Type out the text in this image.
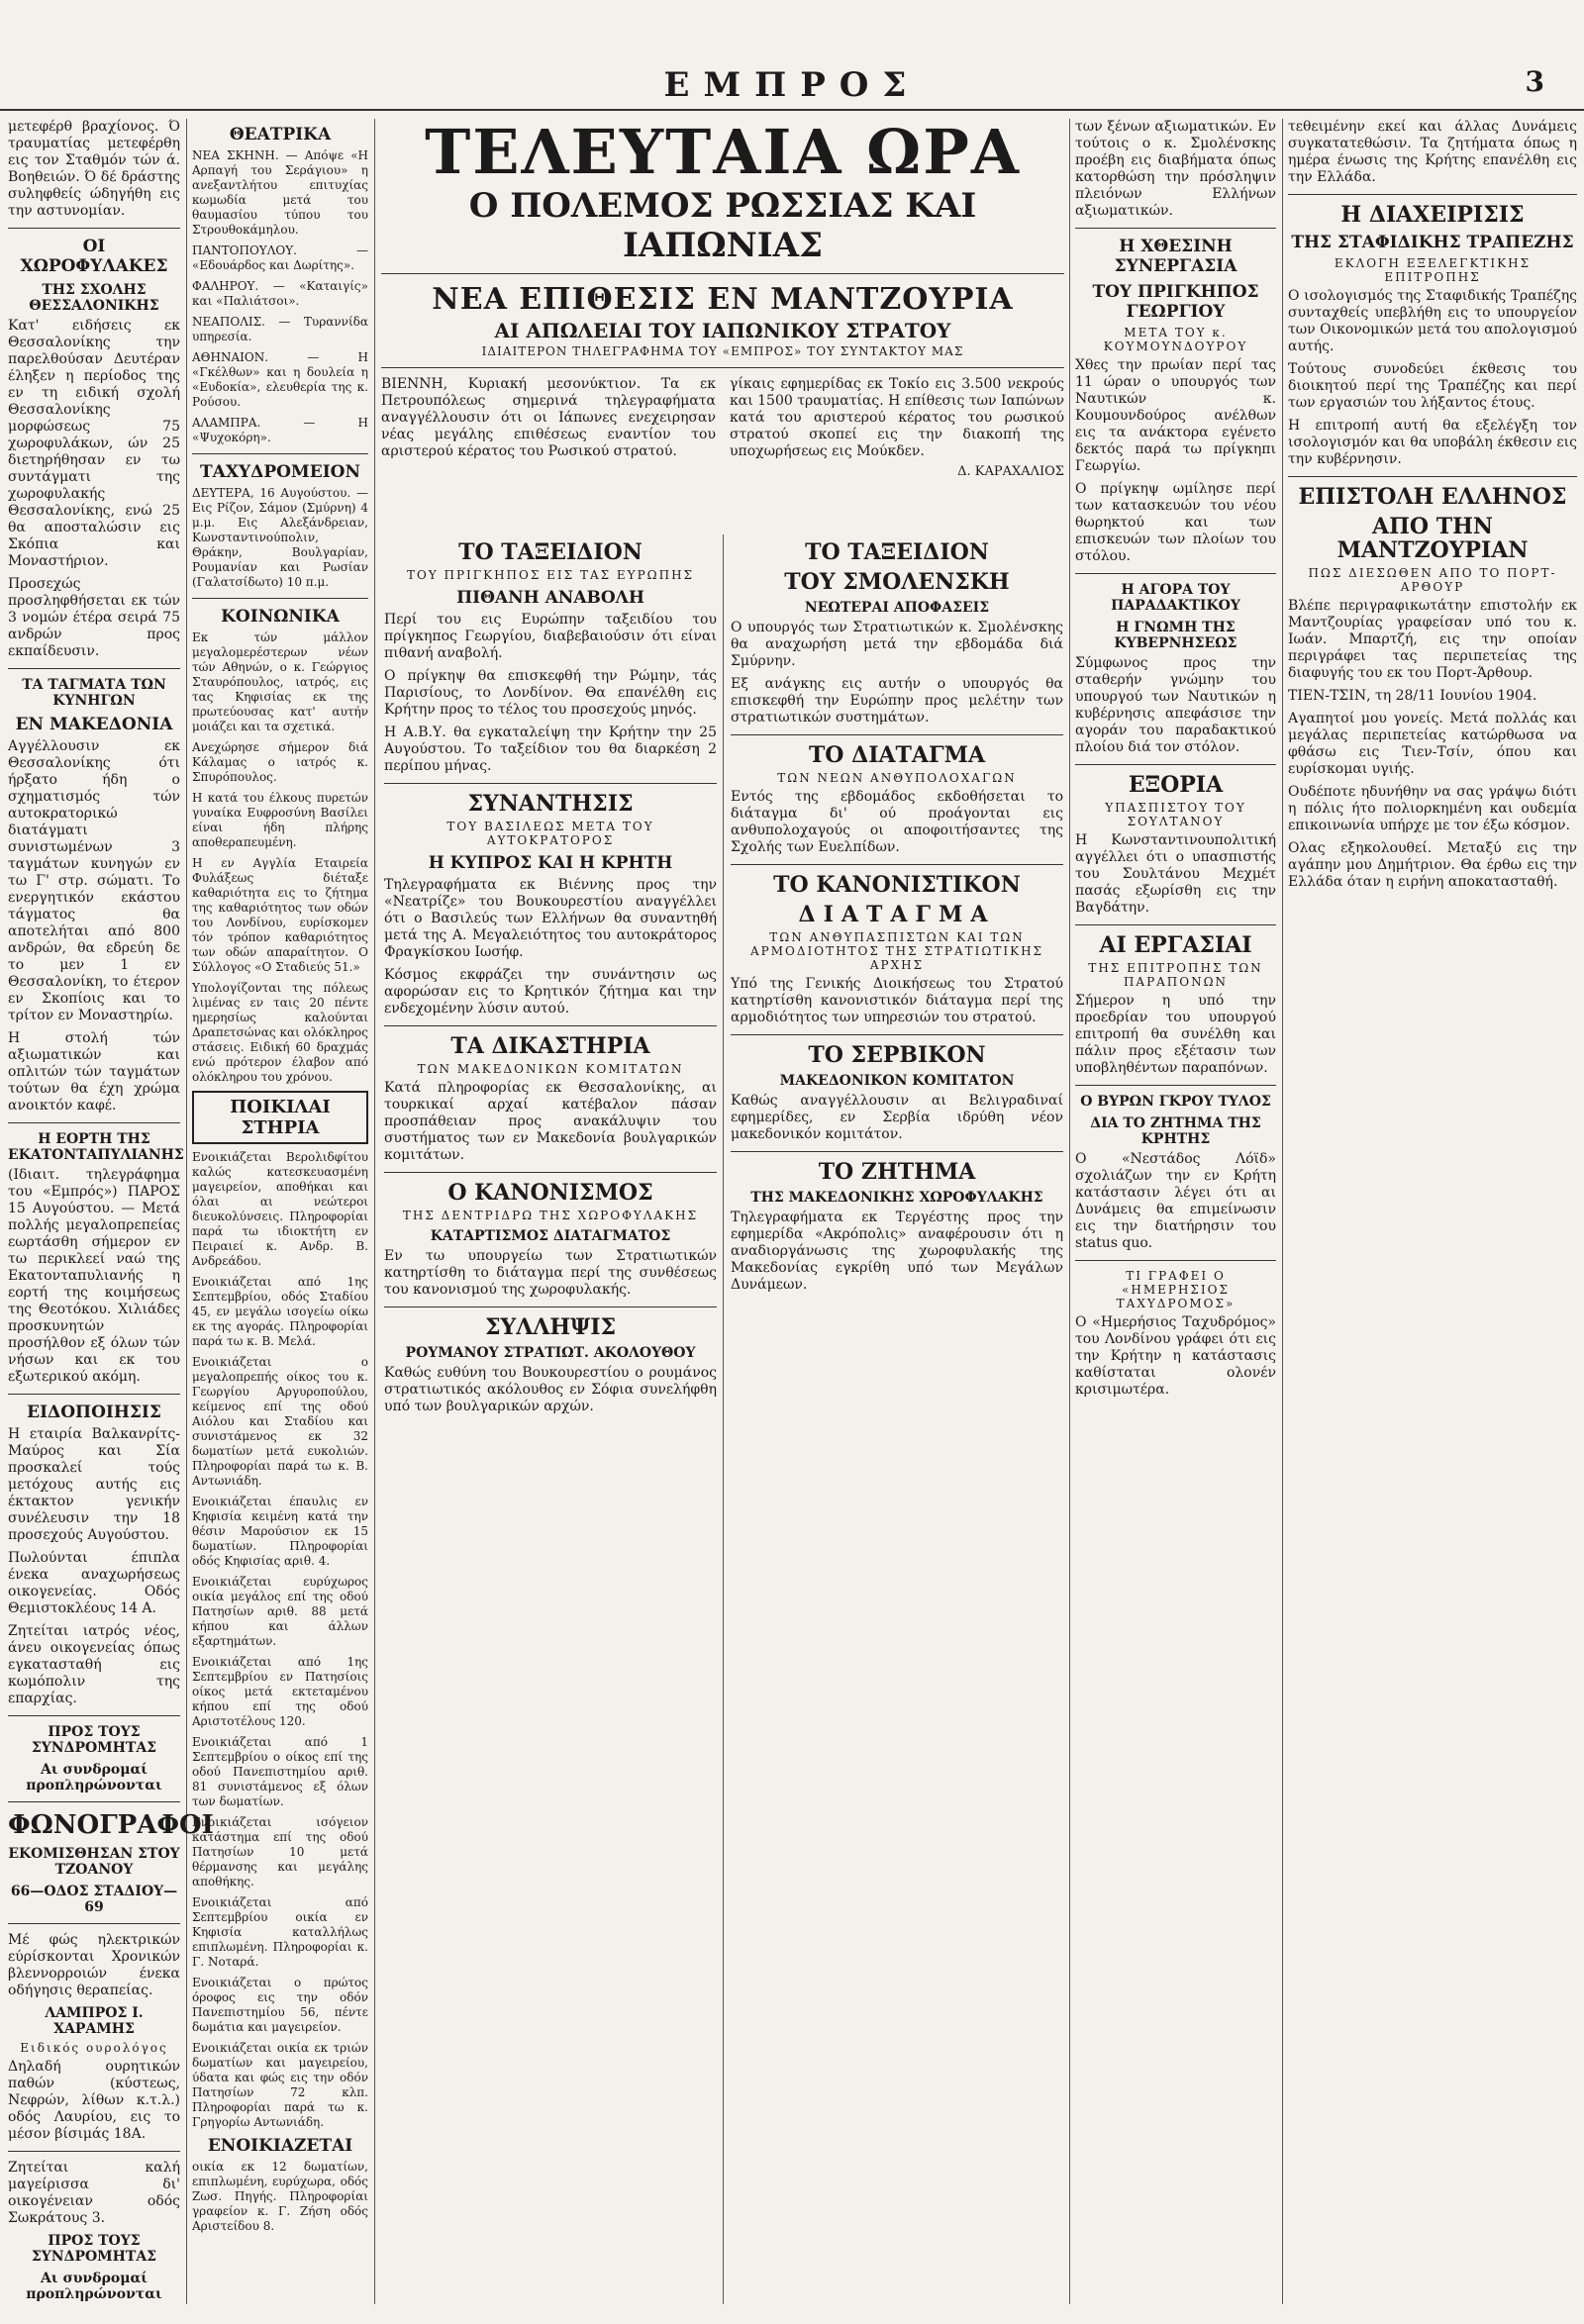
ΕΜΠΡΟΣ	3

μετεφέρθ βραχίονος. Ό τραυματίας μετεφέρθη εις τον Σταθμόν τών ά. Βοηθειών. Ό δέ δράστης συληφθείς ώδηγήθη εις την αστυνομίαν.

ΟΙ ΧΩΡΟΦΥΛΑΚΕΣ
ΤΗΣ ΣΧΟΛΗΣ ΘΕΣΣΑΛΟΝΙΚΗΣ

Κατ' ειδήσεις εκ Θεσσαλονίκης την παρελθούσαν Δευτέραν έληξεν η περίοδος της εν τη ειδική σχολή Θεσσαλονίκης μορφώσεως 75 χωροφυλάκων, ών 25 διετηρήθησαν εν τω συντάγματι της χωροφυλακής Θεσσαλονίκης, ενώ 25 θα αποσταλώσιν εις Σκόπια και Μοναστήριον.

Προσεχώς προσληφθήσεται εκ τών 3 νομών έτέρα σειρά 75 ανδρών προς εκπαίδευσιν.

ΤΑ ΤΑΓΜΑΤΑ ΤΩΝ ΚΥΝΗΓΩΝ
ΕΝ ΜΑΚΕΔΟΝΙΑ

Αγγέλλουσιν εκ Θεσσαλονίκης ότι ήρξατο ήδη ο σχηματισμός τών αυτοκρατορικώ διατάγματι συνιστωμένων 3 ταγμάτων κυνηγών εν τω Γ' στρ. σώματι. Το ενεργητικόν εκάστου τάγματος θα αποτελήται από 800 ανδρών, θα εδρεύη δε το μεν 1 εν Θεσσαλονίκη, το έτερον εν Σκοπίοις και το τρίτον εν Μοναστηρίω.

Η στολή τών αξιωματικών και οπλιτών τών ταγμάτων τούτων θα έχη χρώμα ανοικτόν καφέ.

Η ΕΟΡΤΗ ΤΗΣ ΕΚΑΤΟΝΤΑΠΥΛΙΑΝΗΣ

(Ιδιαιτ. τηλεγράφημα του «Εμπρός») ΠΑΡΟΣ 15 Αυγούστου. — Μετά πολλής μεγαλοπρεπείας εωρτάσθη σήμερον εν τω περικλεεί ναώ της Εκατονταπυλιανής η εορτή της κοιμήσεως της Θεοτόκου. Χιλιάδες προσκυνητών προσήλθον εξ όλων τών νήσων και εκ του εξωτερικού ακόμη.

ΕΙΔΟΠΟΙΗΣΙΣ

Η εταιρία Βαλκανρίτς-Μαύρος και Σία προσκαλεί τούς μετόχους αυτής εις έκτακτον γενικήν συνέλευσιν την 18 προσεχούς Αυγούστου.

Πωλούνται έπιπλα ένεκα αναχωρήσεως οικογενείας. Οδός Θεμιστοκλέους 14 Α.

Ζητείται ιατρός νέος, άνευ οικογενείας όπως εγκατασταθή εις κωμόπολιν της επαρχίας.

ΠΡΟΣ ΤΟΥΣ ΣΥΝΔΡΟΜΗΤΑΣ
Αι συνδρομαί προπληρώνονται
ΦΩΝΟΓΡΑΦΟΙ
ΕΚΟΜΙΣΘΗΣΑΝ ΣΤΟΥ ΤΖΟΑΝΟΥ
66—ΟΔΟΣ ΣΤΑΔΙΟΥ—69

Μέ φώς ηλεκτρικών εύρίσκονται Χρονικών βλεννορροιών ένεκα οδήγησις θεραπείας.

ΛΑΜΠΡΟΣ Ι. ΧΑΡΑΜΗΣ
Ειδικός ουρολόγος

Δηλαδή ουρητικών παθών (κύστεως, Νεφρών, λίθων κ.τ.λ.) οδός Λαυρίου, εις το μέσον βίσιμάς 18Α.

Ζητείται καλή μαγείρισσα δι' οικογένειαν οδός Σωκράτους 3.

ΠΡΟΣ ΤΟΥΣ ΣΥΝΔΡΟΜΗΤΑΣ
Αι συνδρομαί προπληρώνονται
ΘΕΑΤΡΙΚΑ

ΝΕΑ ΣΚΗΝΗ. — Απόψε «Η Αρπαγή του Σεράγιου» η ανεξαντλήτου επιτυχίας κωμωδία μετά του θαυμασίου τύπου του Στρουθοκάμηλου.

ΠΑΝΤΟΠΟΥΛΟΥ. — «Εδουάρδος και Δωρίτης».

ΦΑΛΗΡΟΥ. — «Καταιγίς» και «Παλιάτσοι».

ΝΕΑΠΟΛΙΣ. — Τυραννίδα υπηρεσία.

ΑΘΗΝΑΙΟΝ. — Η «Γκέλθων» και η δουλεία η «Ευδοκία», ελευθερία της κ. Ρούσου.

ΑΛΑΜΠΡΑ. — Η «Ψυχοκόρη».

ΤΑΧΥΔΡΟΜΕΙΟΝ

ΔΕΥΤΕΡΑ, 16 Αυγούστου. — Εις Ρίζον, Σάμον (Σμύρνη) 4 μ.μ. Εις Αλεξάνδρειαν, Κωνσταντινούπολιν, Θράκην, Βουλγαρίαν, Ρουμανίαν και Ρωσίαν (Γαλατσίδωτο) 10 π.μ.

ΚΟΙΝΩΝΙΚΑ

Εκ τών μάλλον μεγαλομερέστερων νέων τών Αθηνών, ο κ. Γεώργιος Σταυρόπουλος, ιατρός, εις τας Κηφισίας εκ της πρωτεύουσας κατ' αυτήν μοιάζει και τα σχετικά.

Ανεχώρησε σήμερον διά Κάλαμας ο ιατρός κ. Σπυρόπουλος.

Η κατά του έλκους πυρετών γυναίκα Ευφροσύνη Βασίλει είναι ήδη πλήρης αποθεραπευμένη.

Η εν Αγγλία Εταιρεία Φυλάξεως διέταξε καθαριότητα εις το ζήτημα της καθαριότητος των οδών του Λονδίνου, ευρίσκομεν τόν τρόπον καθαριότητος των οδών απαραίτητον. Ο Σύλλογος «Ο Σταδιεύς 51.»

Υπολογίζονται της πόλεως λιμένας εν ταις 20 πέντε ημερησίως καλούνται Δραπετσώνας και ολόκληρος στάσεις. Ειδική 60 δραχμάς ενώ πρότερον έλαβον από ολόκληρου του χρόνου.

ΠΟΙΚΙΛΑΙ ΣΤΗΡΙΑ

Ενοικιάζεται Βερολιδφίτου καλώς κατεσκευασμένη μαγειρείον, αποθήκαι και όλαι αι νεώτεροι διευκολύνσεις. Πληροφορίαι παρά τω ιδιοκτήτη εν Πειραιεί κ. Ανδρ. Β. Ανδρεάδου.

Ενοικιάζεται από 1ης Σεπτεμβρίου, οδός Σταδίου 45, εν μεγάλω ισογείω οίκω εκ της αγοράς. Πληροφορίαι παρά τω κ. Β. Μελά.

Ενοικιάζεται ο μεγαλοπρεπής οίκος του κ. Γεωργίου Αργυροπούλου, κείμενος επί της οδού Αιόλου και Σταδίου και συνιστάμενος εκ 32 δωματίων μετά ευκολιών. Πληροφορίαι παρά τω κ. Β. Αντωνιάδη.

Ενοικιάζεται έπαυλις εν Κηφισία κειμένη κατά την θέσιν Μαρούσιον εκ 15 δωματίων. Πληροφορίαι οδός Κηφισίας αριθ. 4.

Ενοικιάζεται ευρύχωρος οικία μεγάλος επί της οδού Πατησίων αριθ. 88 μετά κήπου και άλλων εξαρτημάτων.

Ενοικιάζεται από 1ης Σεπτεμβρίου εν Πατησίοις οίκος μετά εκτεταμένου κήπου επί της οδού Αριστοτέλους 120.

Ενοικιάζεται από 1 Σεπτεμβρίου ο οίκος επί της οδού Πανεπιστημίου αριθ. 81 συνιστάμενος εξ όλων των δωματίων.

Ενοικιάζεται ισόγειον κατάστημα επί της οδού Πατησίων 10 μετά θέρμανσης και μεγάλης αποθήκης.

Ενοικιάζεται από Σεπτεμβρίου οικία εν Κηφισία καταλλήλως επιπλωμένη. Πληροφορίαι κ. Γ. Νοταρά.

Ενοικιάζεται ο πρώτος όροφος εις την οδόν Πανεπιστημίου 56, πέντε δωμάτια και μαγειρείον.

Ενοικιάζεται οικία εκ τριών δωματίων και μαγειρείου, ύδατα και φώς εις την οδόν Πατησίων 72 κλπ. Πληροφορίαι παρά τω κ. Γρηγορίω Αντωνιάδη.

ΕΝΟΙΚΙΑΖΕΤΑΙ

οικία εκ 12 δωματίων, επιπλωμένη, ευρύχωρα, οδός Ζωσ. Πηγής. Πληροφορίαι γραφείον κ. Γ. Ζήση οδός Αριστείδου 8.

ΤΕΛΕΥΤΑΙΑ ΩΡΑ
Ο ΠΟΛΕΜΟΣ ΡΩΣΣΙΑΣ ΚΑΙ ΙΑΠΩΝΙΑΣ
ΝΕΑ ΕΠΙΘΕΣΙΣ ΕΝ ΜΑΝΤΖΟΥΡΙΑ
ΑΙ ΑΠΩΛΕΙΑΙ ΤΟΥ ΙΑΠΩΝΙΚΟΥ ΣΤΡΑΤΟΥ
ΙΔΙΑΙΤΕΡΟΝ ΤΗΛΕΓΡΑΦΗΜΑ ΤΟΥ «ΕΜΠΡΟΣ» ΤΟΥ ΣΥΝΤΑΚΤΟΥ ΜΑΣ

ΒΙΕΝΝΗ, Κυριακή μεσονύκτιον. Τα εκ Πετρουπόλεως σημερινά τηλεγραφήματα αναγγέλλουσιν ότι οι Ιάπωνες ενεχειρησαν νέας μεγάλης επιθέσεως εναντίον του αριστερού κέρατος του Ρωσικού στρατού.

γίκαις εφημερίδας εκ Τοκίο εις 3.500 νεκρούς και 1500 τραυματίας. Η επίθεσις των Ιαπώνων κατά του αριστερού κέρατος του ρωσικού στρατού σκοπεί εις την διακοπή της υποχωρήσεως εις Μούκδεν.

Δ. ΚΑΡΑΧΑΛΙΟΣ
ΤΟ ΤΑΞΕΙΔΙΟΝ
ΤΟΥ ΠΡΙΓΚΗΠΟΣ ΕΙΣ ΤΑΣ ΕΥΡΩΠΗΣ
ΠΙΘΑΝΗ ΑΝΑΒΟΛΗ

Περί του εις Ευρώπην ταξειδίου του πρίγκηπος Γεωργίου, διαβεβαιούσιν ότι είναι πιθανή αναβολή.

Ο πρίγκηψ θα επισκεφθή την Ρώμην, τάς Παρισίους, το Λονδίνον. Θα επανέλθη εις Κρήτην προς το τέλος του προσεχούς μηνός.

Η Α.Β.Υ. θα εγκαταλείψη την Κρήτην την 25 Αυγούστου. Το ταξείδιον του θα διαρκέση 2 περίπου μήνας.

ΣΥΝΑΝΤΗΣΙΣ
ΤΟΥ ΒΑΣΙΛΕΩΣ ΜΕΤΑ ΤΟΥ ΑΥΤΟΚΡΑΤΟΡΟΣ
Η ΚΥΠΡΟΣ ΚΑΙ Η ΚΡΗΤΗ

Τηλεγραφήματα εκ Βιέννης προς την «Νεατρίζε» του Βουκουρεστίου αναγγέλλει ότι ο Βασιλεύς των Ελλήνων θα συναντηθή μετά της Α. Μεγαλειότητος του αυτοκράτορος Φραγκίσκου Ιωσήφ.

Κόσμος εκφράζει την συνάντησιν ως αφορώσαν εις το Κρητικόν ζήτημα και την ενδεχομένην λύσιν αυτού.

ΤΑ ΔΙΚΑΣΤΗΡΙΑ
ΤΩΝ ΜΑΚΕΔΟΝΙΚΩΝ ΚΟΜΙΤΑΤΩΝ

Κατά πληροφορίας εκ Θεσσαλονίκης, αι τουρκικαί αρχαί κατέβαλον πάσαν προσπάθειαν προς ανακάλυψιν του συστήματος των εν Μακεδονία βουλγαρικών κομιτάτων.

Ο ΚΑΝΟΝΙΣΜΟΣ
ΤΗΣ ΔΕΝΤΡΙΔΡΩ ΤΗΣ ΧΩΡΟΦΥΛΑΚΗΣ
ΚΑΤΑΡΤΙΣΜΟΣ ΔΙΑΤΑΓΜΑΤΟΣ

Εν τω υπουργείω των Στρατιωτικών κατηρτίσθη το διάταγμα περί της συνθέσεως του κανονισμού της χωροφυλακής.

ΣΥΛΛΗΨΙΣ
ΡΟΥΜΑΝΟΥ ΣΤΡΑΤΙΩΤ. ΑΚΟΛΟΥΘΟΥ

Καθώς ευθύνη του Βουκουρεστίου ο ρουμάνος στρατιωτικός ακόλουθος εν Σόφια συνελήφθη υπό των βουλγαρικών αρχών.

ΤΟ ΤΑΞΕΙΔΙΟΝ
ΤΟΥ ΣΜΟΛΕΝΣΚΗ
ΝΕΩΤΕΡΑΙ ΑΠΟΦΑΣΕΙΣ

Ο υπουργός των Στρατιωτικών κ. Σμολένσκης θα αναχωρήση μετά την εβδομάδα διά Σμύρνην.

Εξ ανάγκης εις αυτήν ο υπουργός θα επισκεφθή την Ευρώπην προς μελέτην των στρατιωτικών συστημάτων.

ΤΟ ΔΙΑΤΑΓΜΑ
ΤΩΝ ΝΕΩΝ ΑΝΘΥΠΟΛΟΧΑΓΩΝ

Εντός της εβδομάδος εκδοθήσεται το διάταγμα δι' ού προάγονται εις ανθυπολοχαγούς οι αποφοιτήσαντες της Σχολής των Ευελπίδων.

ΤΟ ΚΑΝΟΝΙΣΤΙΚΟΝ
ΔΙΑΤΑΓΜΑ
ΤΩΝ ΑΝΘΥΠΑΣΠΙΣΤΩΝ ΚΑΙ ΤΩΝ ΑΡΜΟΔΙΟΤΗΤΟΣ ΤΗΣ ΣΤΡΑΤΙΩΤΙΚΗΣ ΑΡΧΗΣ

Υπό της Γενικής Διοικήσεως του Στρατού κατηρτίσθη κανονιστικόν διάταγμα περί της αρμοδιότητος των υπηρεσιών του στρατού.

ΤΟ ΣΕΡΒΙΚΟΝ
ΜΑΚΕΔΟΝΙΚΟΝ ΚΟΜΙΤΑΤΟΝ

Καθώς αναγγέλλουσιν αι Βελιγραδιναί εφημερίδες, εν Σερβία ιδρύθη νέον μακεδονικόν κομιτάτον.

ΤΟ ΖΗΤΗΜΑ
ΤΗΣ ΜΑΚΕΔΟΝΙΚΗΣ ΧΩΡΟΦΥΛΑΚΗΣ

Τηλεγραφήματα εκ Τεργέστης προς την εφημερίδα «Ακρόπολις» αναφέρουσιν ότι η αναδιοργάνωσις της χωροφυλακής της Μακεδονίας εγκρίθη υπό των Μεγάλων Δυνάμεων.

των ξένων αξιωματικών. Εν τούτοις ο κ. Σμολένσκης προέβη εις διαβήματα όπως κατορθώση την πρόσληψιν πλειόνων Ελλήνων αξιωματικών.

Η ΧΘΕΣΙΝΗ ΣΥΝΕΡΓΑΣΙΑ
ΤΟΥ ΠΡΙΓΚΗΠΟΣ ΓΕΩΡΓΙΟΥ
ΜΕΤΑ ΤΟΥ κ. ΚΟΥΜΟΥΝΔΟΥΡΟΥ

Χθες την πρωίαν περί τας 11 ώραν ο υπουργός των Ναυτικών κ. Κουμουνδούρος ανέλθων εις τα ανάκτορα εγένετο δεκτός παρά τω πρίγκηπι Γεωργίω.

Ο πρίγκηψ ωμίλησε περί των κατασκευών του νέου θωρηκτού και των επισκευών των πλοίων του στόλου.

Η ΑΓΟΡΑ ΤΟΥ ΠΑΡΑΔΑΚΤΙΚΟΥ
Η ΓΝΩΜΗ ΤΗΣ ΚΥΒΕΡΝΗΣΕΩΣ

Σύμφωνος προς την σταθερήν γνώμην του υπουργού των Ναυτικών η κυβέρνησις απεφάσισε την αγοράν του παραδακτικού πλοίου διά τον στόλον.

ΕΞΟΡΙΑ
ΥΠΑΣΠΙΣΤΟΥ ΤΟΥ ΣΟΥΛΤΑΝΟΥ

Η Κωνσταντινουπολιτική αγγέλλει ότι ο υπασπιστής του Σουλτάνου Μεχμέτ πασάς εξωρίσθη εις την Βαγδάτην.

ΑΙ ΕΡΓΑΣΙΑΙ
ΤΗΣ ΕΠΙΤΡΟΠΗΣ ΤΩΝ ΠΑΡΑΠΟΝΩΝ

Σήμερον η υπό την προεδρίαν του υπουργού επιτροπή θα συνέλθη και πάλιν προς εξέτασιν των υποβληθέντων παραπόνων.

Ο ΒΥΡΩΝ ΓΚΡΟΥ ΤΥΛΟΣ
ΔΙΑ ΤΟ ΖΗΤΗΜΑ ΤΗΣ ΚΡΗΤΗΣ

Ο «Νεστάδος Λόϊδ» σχολιάζων την εν Κρήτη κατάστασιν λέγει ότι αι Δυνάμεις θα επιμείνωσιν εις την διατήρησιν του status quo.

ΤΙ ΓΡΑΦΕΙ Ο «ΗΜΕΡΗΣΙΟΣ ΤΑΧΥΔΡΟΜΟΣ»

Ο «Ημερήσιος Ταχυδρόμος» του Λονδίνου γράφει ότι εις την Κρήτην η κατάστασις καθίσταται ολονέν κρισιμωτέρα.

τεθειμένην εκεί και άλλας Δυνάμεις συγκατατεθώσιν. Τα ζητήματα όπως η ημέρα ένωσις της Κρήτης επανέλθη εις την Ελλάδα.

Η ΔΙΑΧΕΙΡΙΣΙΣ
ΤΗΣ ΣΤΑΦΙΔΙΚΗΣ ΤΡΑΠΕΖΗΣ
ΕΚΛΟΓΗ ΕΞΕΛΕΓΚΤΙΚΗΣ ΕΠΙΤΡΟΠΗΣ

Ο ισολογισμός της Σταφιδικής Τραπέζης συνταχθείς υπεβλήθη εις το υπουργείον των Οικονομικών μετά του απολογισμού αυτής.

Τούτους συνοδεύει έκθεσις του διοικητού περί της Τραπέζης και περί των εργασιών του λήξαντος έτους.

Η επιτροπή αυτή θα εξελέγξη τον ισολογισμόν και θα υποβάλη έκθεσιν εις την κυβέρνησιν.

ΕΠΙΣΤΟΛΗ ΕΛΛΗΝΟΣ
ΑΠΟ ΤΗΝ ΜΑΝΤΖΟΥΡΙΑΝ
ΠΩΣ ΔΙΕΣΩΘΕΝ ΑΠΟ ΤΟ ΠΟΡΤ-ΑΡΘΟΥΡ

Βλέπε περιγραφικωτάτην επιστολήν εκ Μαντζουρίας γραφείσαν υπό του κ. Ιωάν. Μπαρτζή, εις την οποίαν περιγράφει τας περιπετείας της διαφυγής του εκ του Πορτ-Άρθουρ.

ΤΙΕΝ-ΤΣΙΝ, τη 28/11 Ιουνίου 1904.

Αγαπητοί μου γονείς. Μετά πολλάς και μεγάλας περιπετείας κατώρθωσα να φθάσω εις Τιεν-Τσίν, όπου και ευρίσκομαι υγιής.

Ουδέποτε ηδυνήθην να σας γράψω διότι η πόλις ήτο πολιορκημένη και ουδεμία επικοινωνία υπήρχε με τον έξω κόσμον.

Ολας εξηκολουθεί. Μεταξύ εις την αγάπην μου Δημήτριον. Θα έρθω εις την Ελλάδα όταν η ειρήνη αποκατασταθή.
